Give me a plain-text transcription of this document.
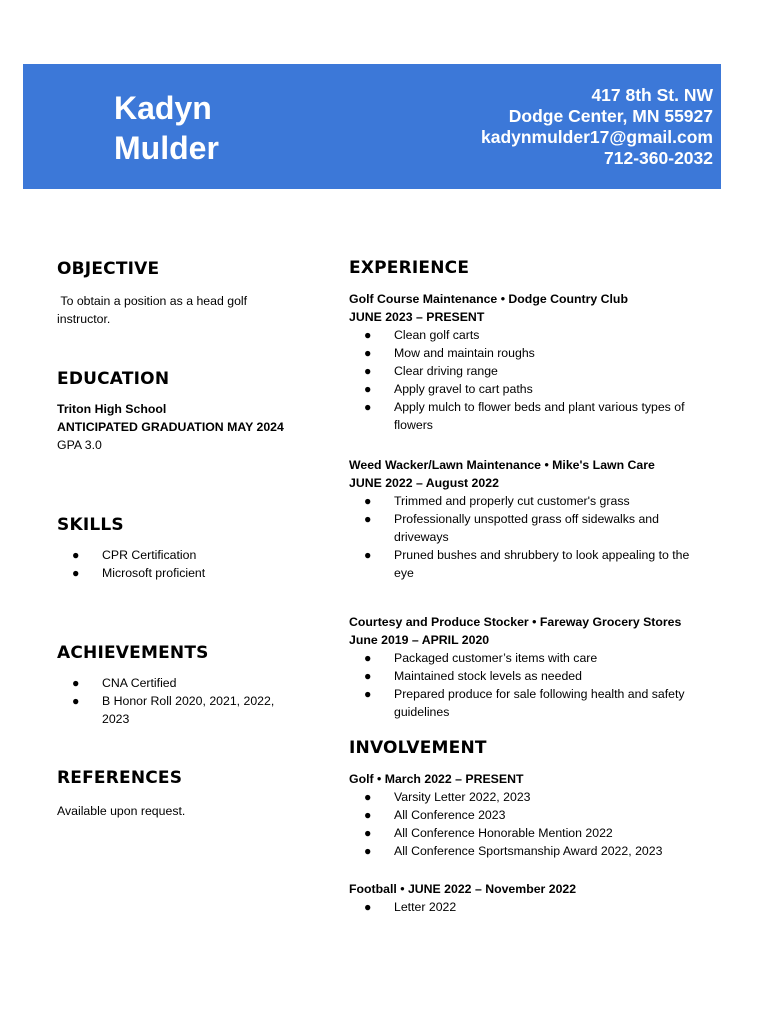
Kadyn
Mulder
417 8th St. NW
Dodge Center, MN 55927
kadynmulder17@gmail.com
712-360-2032
OBJECTIVE
To obtain a position as a head golf instructor.
EDUCATION
Triton High School
ANTICIPATED GRADUATION MAY 2024
GPA 3.0
SKILLS
● CPR Certification
● Microsoft proficient
ACHIEVEMENTS
● CNA Certified
● B Honor Roll 2020, 2021, 2022, 2023
REFERENCES
Available upon request.
EXPERIENCE
Golf Course Maintenance • Dodge Country Club
JUNE 2023 – PRESENT
● Clean golf carts
● Mow and maintain roughs
● Clear driving range
● Apply gravel to cart paths
● Apply mulch to flower beds and plant various types of flowers
Weed Wacker/Lawn Maintenance • Mike's Lawn Care
JUNE 2022 – August 2022
● Trimmed and properly cut customer's grass
● Professionally unspotted grass off sidewalks and driveways
● Pruned bushes and shrubbery to look appealing to the eye
Courtesy and Produce Stocker • Fareway Grocery Stores
June 2019 – APRIL 2020
● Packaged customer’s items with care
● Maintained stock levels as needed
● Prepared produce for sale following health and safety guidelines
INVOLVEMENT
Golf • March 2022 – PRESENT
● Varsity Letter 2022, 2023
● All Conference 2023
● All Conference Honorable Mention 2022
● All Conference Sportsmanship Award 2022, 2023
Football • JUNE 2022 – November 2022
● Letter 2022
